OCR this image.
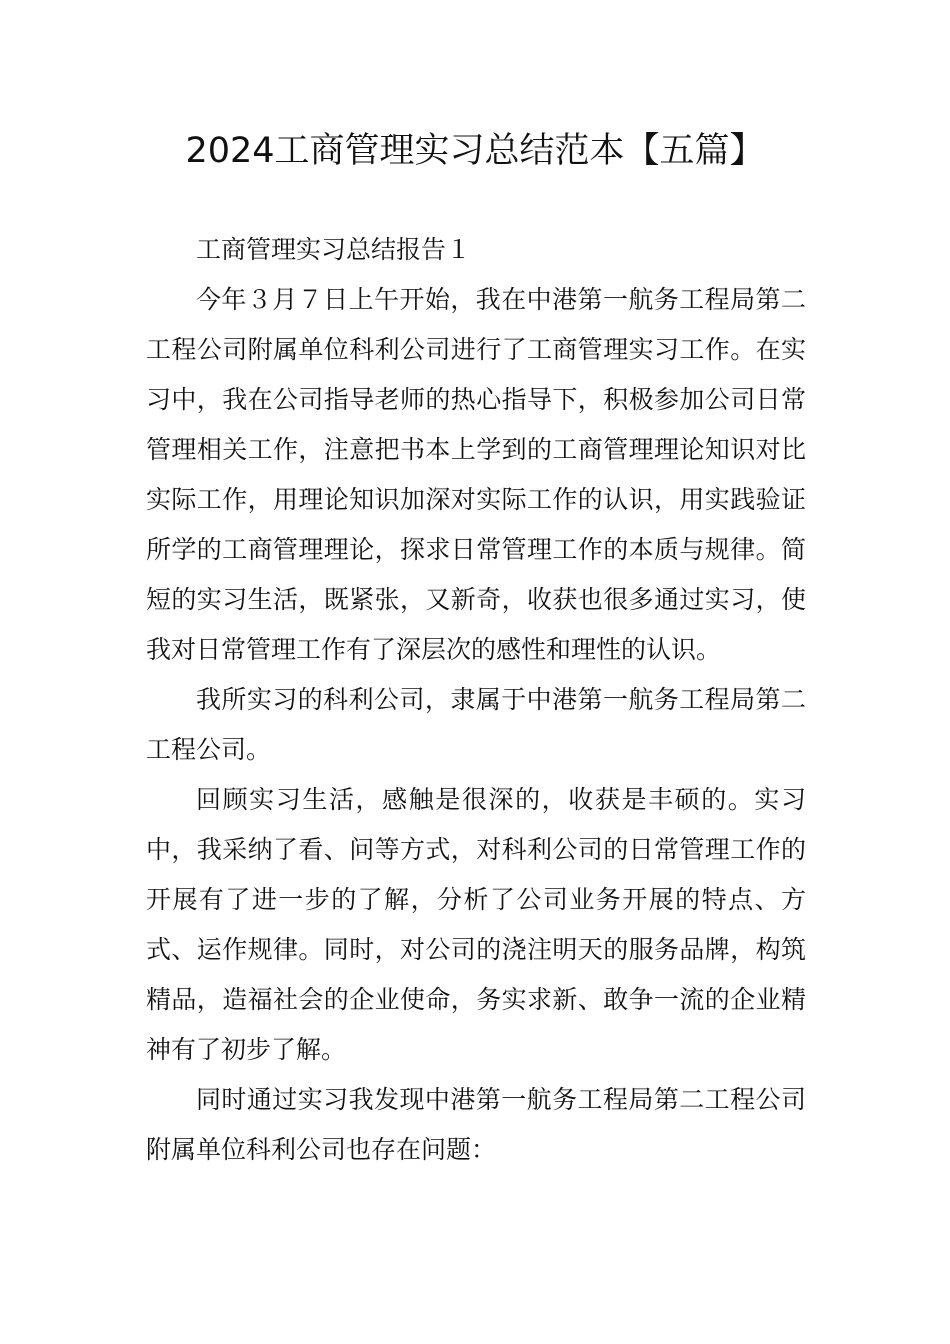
2024工商管理实习总结范本【五篇】

工商管理实习总结报告１

今年３月７日上午开始，我在中港第一航务工程局第二工程公司附属单位科利公司进行了工商管理实习工作。在实习中，我在公司指导老师的热心指导下，积极参加公司日常管理相关工作，注意把书本上学到的工商管理理论知识对比实际工作，用理论知识加深对实际工作的认识，用实践验证所学的工商管理理论，探求日常管理工作的本质与规律。简短的实习生活，既紧张，又新奇，收获也很多通过实习，使我对日常管理工作有了深层次的感性和理性的认识。

我所实习的科利公司，隶属于中港第一航务工程局第二工程公司。

回顾实习生活，感触是很深的，收获是丰硕的。实习中，我采纳了看、问等方式，对科利公司的日常管理工作的开展有了进一步的了解，分析了公司业务开展的特点、方式、运作规律。同时，对公司的浇注明天的服务品牌，构筑精品，造福社会的企业使命，务实求新、敢争一流的企业精神有了初步了解。

同时通过实习我发现中港第一航务工程局第二工程公司附属单位科利公司也存在问题：
